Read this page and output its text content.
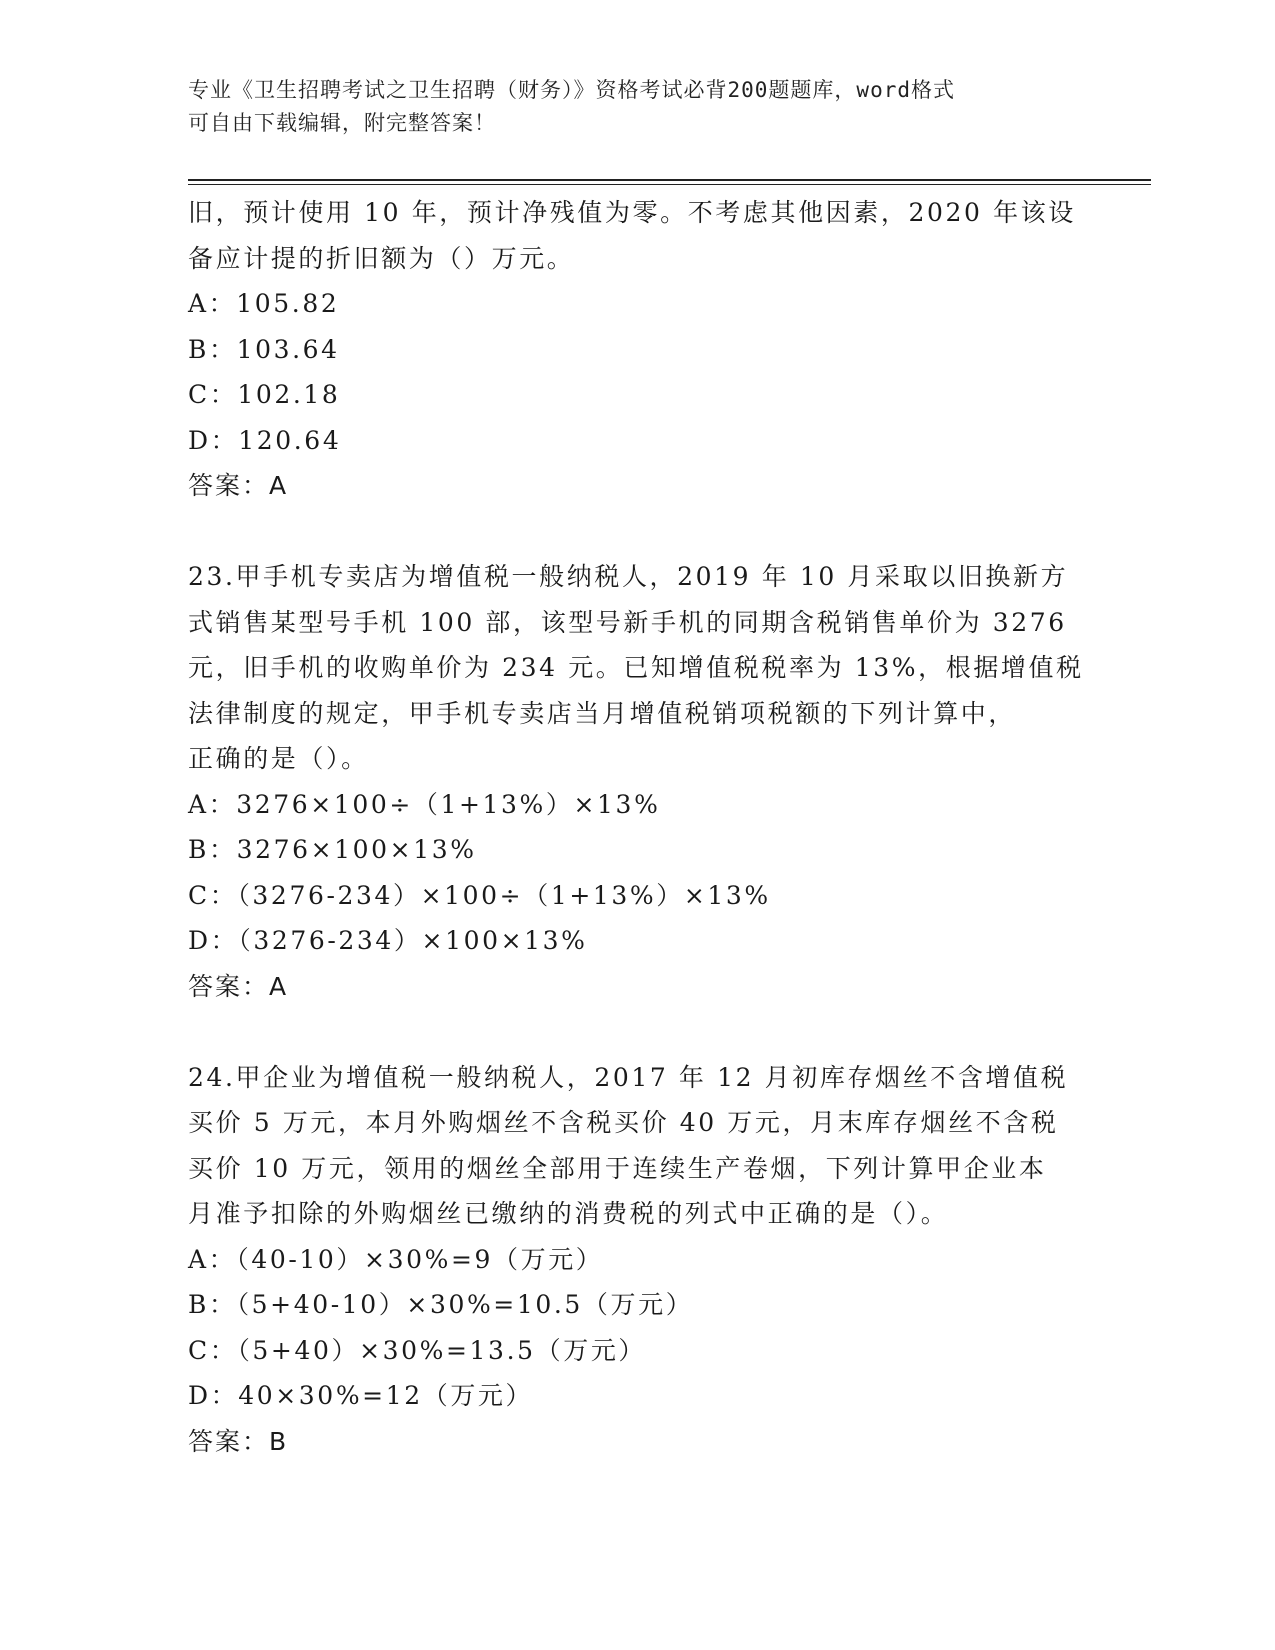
专业《卫生招聘考试之卫生招聘（财务）》资格考试必背200题题库，word格式
可自由下载编辑，附完整答案！
旧，预计使用 10 年，预计净残值为零。不考虑其他因素，2020 年该设
备应计提的折旧额为（）万元。
A：105.82
B：103.64
C：102.18
D：120.64
答案：A
23.甲手机专卖店为增值税一般纳税人，2019 年 10 月采取以旧换新方
式销售某型号手机 100 部，该型号新手机的同期含税销售单价为 3276
元，旧手机的收购单价为 234 元。已知增值税税率为 13%，根据增值税
法律制度的规定，甲手机专卖店当月增值税销项税额的下列计算中，
正确的是（）。
A：3276×100÷（1+13%）×13%
B：3276×100×13%
C：（3276-234）×100÷（1+13%）×13%
D：（3276-234）×100×13%
答案：A
24.甲企业为增值税一般纳税人，2017 年 12 月初库存烟丝不含增值税
买价 5 万元，本月外购烟丝不含税买价 40 万元，月末库存烟丝不含税
买价 10 万元，领用的烟丝全部用于连续生产卷烟，下列计算甲企业本
月准予扣除的外购烟丝已缴纳的消费税的列式中正确的是（）。
A：（40-10）×30%=9（万元）
B：（5+40-10）×30%=10.5（万元）
C：（5+40）×30%=13.5（万元）
D：40×30%=12（万元）
答案：B
